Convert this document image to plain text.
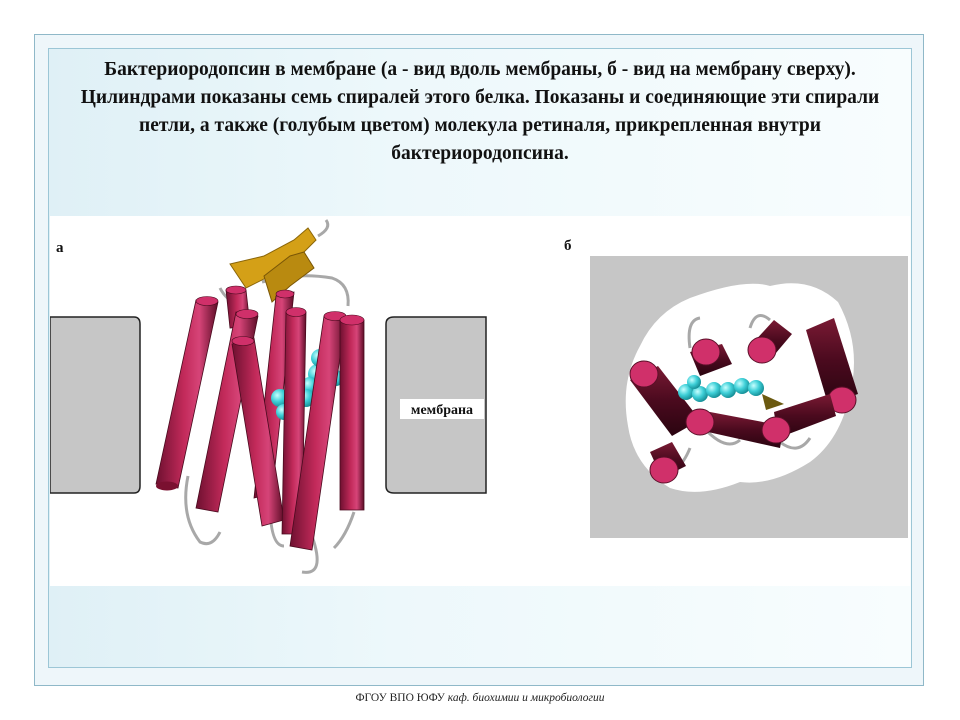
Бактериородопсин в мембране (а - вид вдоль мембраны, б - вид на мембрану сверху). Цилиндрами показаны семь спиралей этого белка. Показаны и соединяющие эти спирали петли, а также (голубым цветом) молекула ретиналя, прикрепленная внутри бактериородопсина.
мембрана
а	б
ФГОУ ВПО ЮФУ каф. биохимии и микробиологии
